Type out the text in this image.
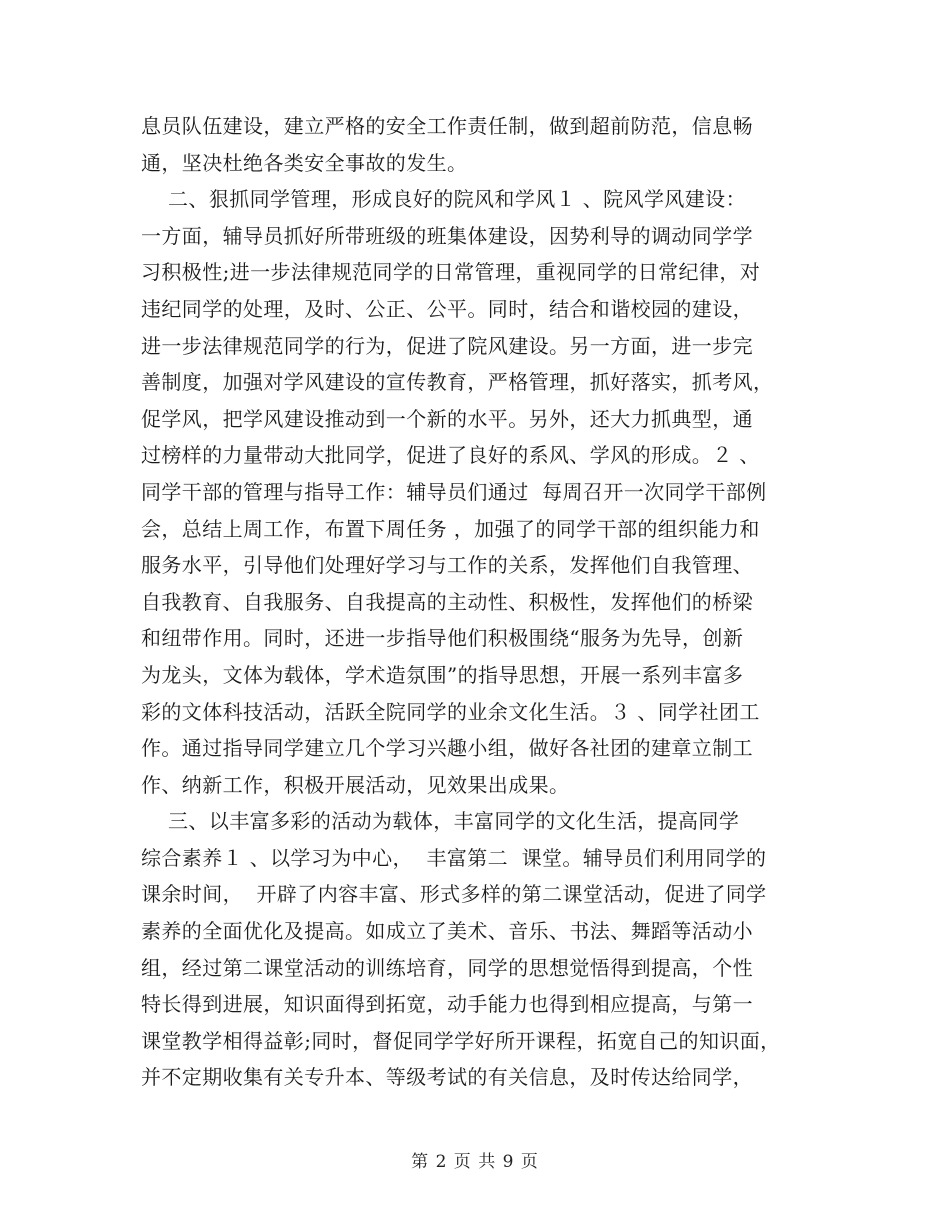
息员队伍建设，建立严格的安全工作责任制，做到超前防范，信息畅
通，坚决杜绝各类安全事故的发生。
二、狠抓同学管理，形成良好的院风和学风１ 、院风学风建设：
一方面，辅导员抓好所带班级的班集体建设，因势利导的调动同学学
习积极性;进一步法律规范同学的日常管理，重视同学的日常纪律，对
违纪同学的处理，及时、公正、公平。同时，结合和谐校园的建设，
进一步法律规范同学的行为，促进了院风建设。另一方面，进一步完
善制度，加强对学风建设的宣传教育，严格管理，抓好落实，抓考风，
促学风，把学风建设推动到一个新的水平。另外，还大力抓典型，通
过榜样的力量带动大批同学，促进了良好的系风、学风的形成。２ 、
同学干部的管理与指导工作：辅导员们通过  每周召开一次同学干部例
会，总结上周工作，布置下周任务 ，加强了的同学干部的组织能力和
服务水平，引导他们处理好学习与工作的关系，发挥他们自我管理、
自我教育、自我服务、自我提高的主动性、积极性，发挥他们的桥梁
和纽带作用。同时，还进一步指导他们积极围绕“服务为先导，创新
为龙头，文体为载体，学术造氛围”的指导思想，开展一系列丰富多
彩的文体科技活动，活跃全院同学的业余文化生活。３ 、同学社团工
作。通过指导同学建立几个学习兴趣小组，做好各社团的建章立制工
作、纳新工作，积极开展活动，见效果出成果。
三、以丰富多彩的活动为载体，丰富同学的文化生活，提高同学
综合素养１ 、以学习为中心，  丰富第二  课堂。辅导员们利用同学的
课余时间，  开辟了内容丰富、形式多样的第二课堂活动，促进了同学
素养的全面优化及提高。如成立了美术、音乐、书法、舞蹈等活动小
组，经过第二课堂活动的训练培育，同学的思想觉悟得到提高，个性
特长得到进展，知识面得到拓宽，动手能力也得到相应提高，与第一
课堂教学相得益彰;同时，督促同学学好所开课程，拓宽自己的知识面，
并不定期收集有关专升本、等级考试的有关信息，及时传达给同学，
第 2 页 共 9 页
